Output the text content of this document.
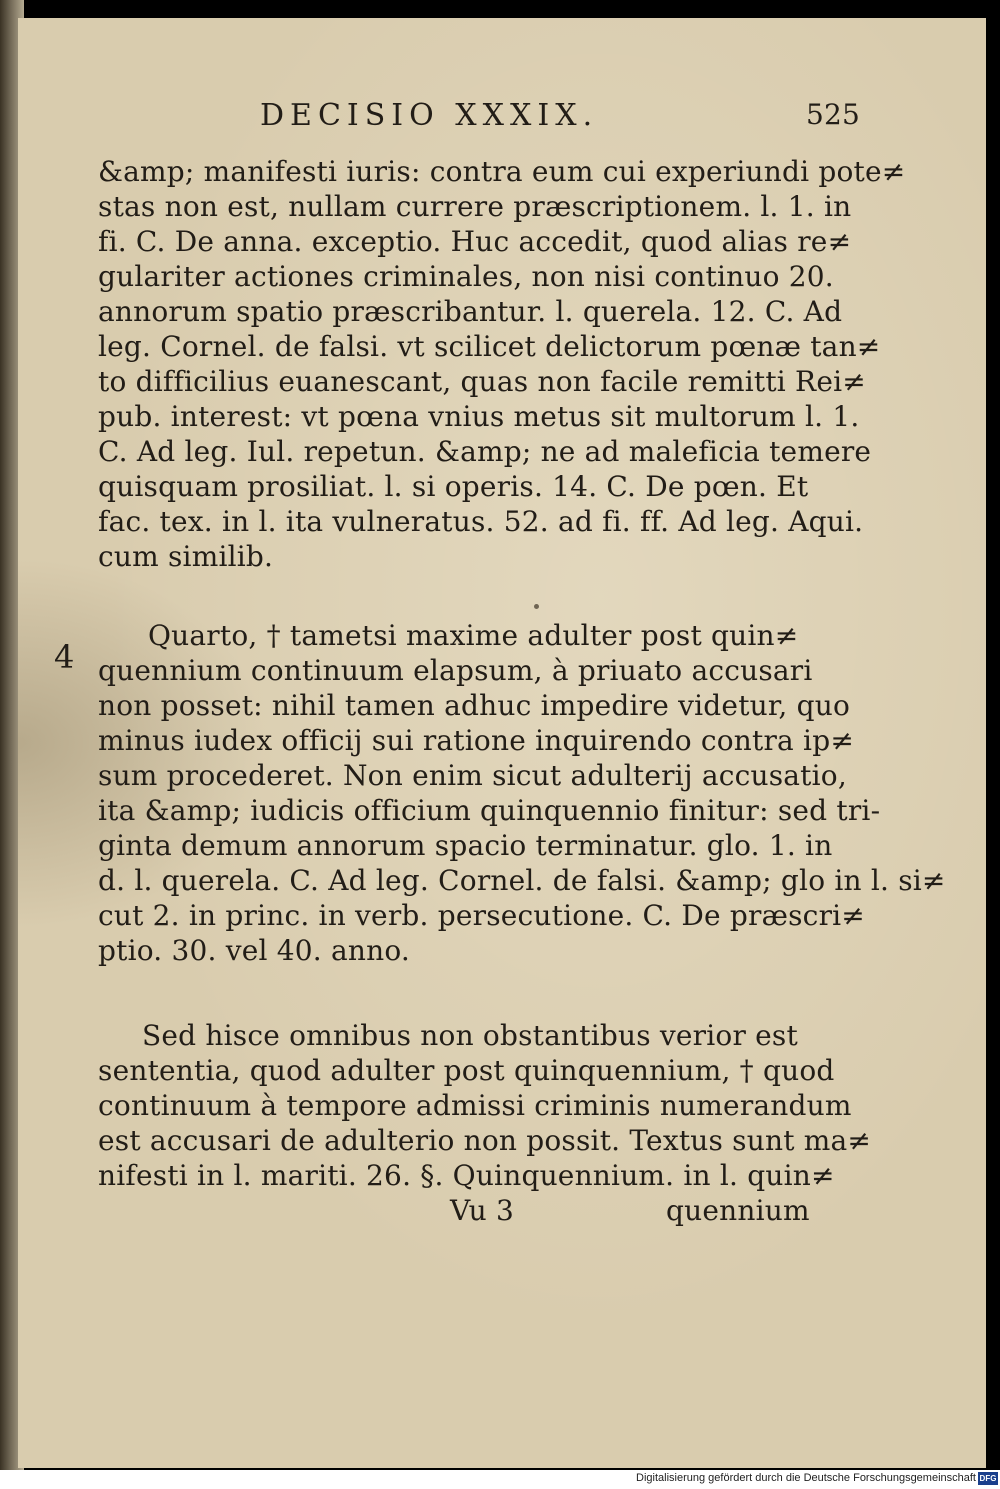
DECISIO XXXIX.	525
&amp; manifesti iuris: contra eum cui experiundi pote≠
stas non est, nullam currere præscriptionem. l. 1. in
fi. C. De anna. exceptio. Huc accedit, quod alias re≠
gulariter actiones criminales, non nisi continuo 20.
annorum spatio præscribantur. l. querela. 12. C. Ad
leg. Cornel. de falsi. vt scilicet delictorum pœnæ tan≠
to difficilius euanescant, quas non facile remitti Rei≠
pub. interest: vt pœna vnius metus sit multorum l. 1.
C. Ad leg. Iul. repetun. &amp; ne ad maleficia temere
quisquam prosiliat. l. si operis. 14. C. De pœn. Et
fac. tex. in l. ita vulneratus. 52. ad fi. ff. Ad leg. Aqui.
cum similib.
4
Quarto, † tametsi maxime adulter post quin≠
quennium continuum elapsum, à priuato accusari
non posset: nihil tamen adhuc impedire videtur, quo
minus iudex officij sui ratione inquirendo contra ip≠
sum procederet. Non enim sicut adulterij accusatio,
ita &amp; iudicis officium quinquennio finitur: sed tri-
ginta demum annorum spacio terminatur. glo. 1. in
d. l. querela. C. Ad leg. Cornel. de falsi. &amp; glo in l. si≠
cut 2. in princ. in verb. persecutione. C. De præscri≠
ptio. 30. vel 40. anno.
Sed hisce omnibus non obstantibus verior est
sententia, quod adulter post quinquennium, † quod
continuum à tempore admissi criminis numerandum
est accusari de adulterio non possit. Textus sunt ma≠
nifesti in l. mariti. 26. §. Quinquennium. in l. quin≠
Vu 3	quennium
Digitalisierung gefördert durch die Deutsche Forschungsgemeinschaft DFG
